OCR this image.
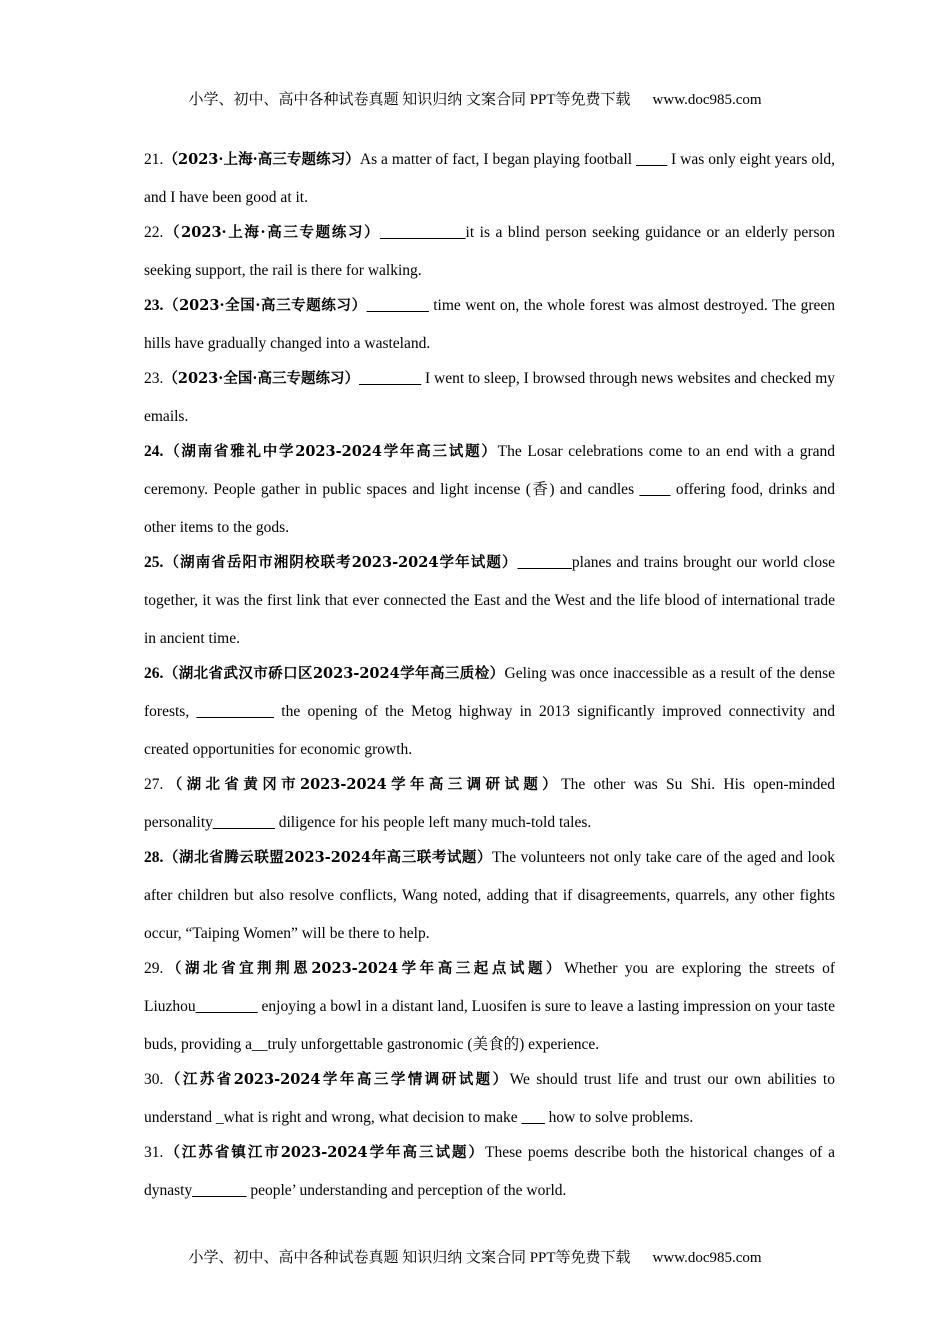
小学、初中、高中各种试卷真题 知识归纳 文案合同 PPT等免费下载 www.doc985.com

21.（2023·上海·高三专题练习）As a matter of fact, I began playing football ____ I was only eight years old, and I have been good at it.

22.（2023·上海·高三专题练习）___________it is a blind person seeking guidance or an elderly person seeking support, the rail is there for walking.

23.（2023·全国·高三专题练习）________ time went on, the whole forest was almost destroyed. The green hills have gradually changed into a wasteland.

23.（2023·全国·高三专题练习）________ I went to sleep, I browsed through news websites and checked my emails.

24.（湖南省雅礼中学2023-2024学年高三试题）The Losar celebrations come to an end with a grand ceremony. People gather in public spaces and light incense (香) and candles ____ offering food, drinks and other items to the gods.

25.（湖南省岳阳市湘阴校联考2023-2024学年试题）_______planes and trains brought our world close together, it was the first link that ever connected the East and the West and the life blood of international trade in ancient time.

26.（湖北省武汉市硚口区2023-2024学年高三质检）Geling was once inaccessible as a result of the dense forests, __________ the opening of the Metog highway in 2013 significantly improved connectivity and created opportunities for economic growth.

27.（湖北省黄冈市2023-2024学年高三调研试题）The other was Su Shi. His open-minded personality________ diligence for his people left many much-told tales.

28.（湖北省腾云联盟2023-2024年高三联考试题）The volunteers not only take care of the aged and look after children but also resolve conflicts, Wang noted, adding that if disagreements, quarrels, any other fights occur, “Taiping Women” will be there to help.

29.（湖北省宜荆荆恩2023-2024学年高三起点试题）Whether you are exploring the streets of Liuzhou________ enjoying a bowl in a distant land, Luosifen is sure to leave a lasting impression on your taste buds, providing a__truly unforgettable gastronomic (美食的) experience.

30.（江苏省2023-2024学年高三学情调研试题）We should trust life and trust our own abilities to understand _what is right and wrong, what decision to make ___ how to solve problems.

31.（江苏省镇江市2023-2024学年高三试题）These poems describe both the historical changes of a dynasty_______ people’ understanding and perception of the world.

小学、初中、高中各种试卷真题 知识归纳 文案合同 PPT等免费下载 www.doc985.com
